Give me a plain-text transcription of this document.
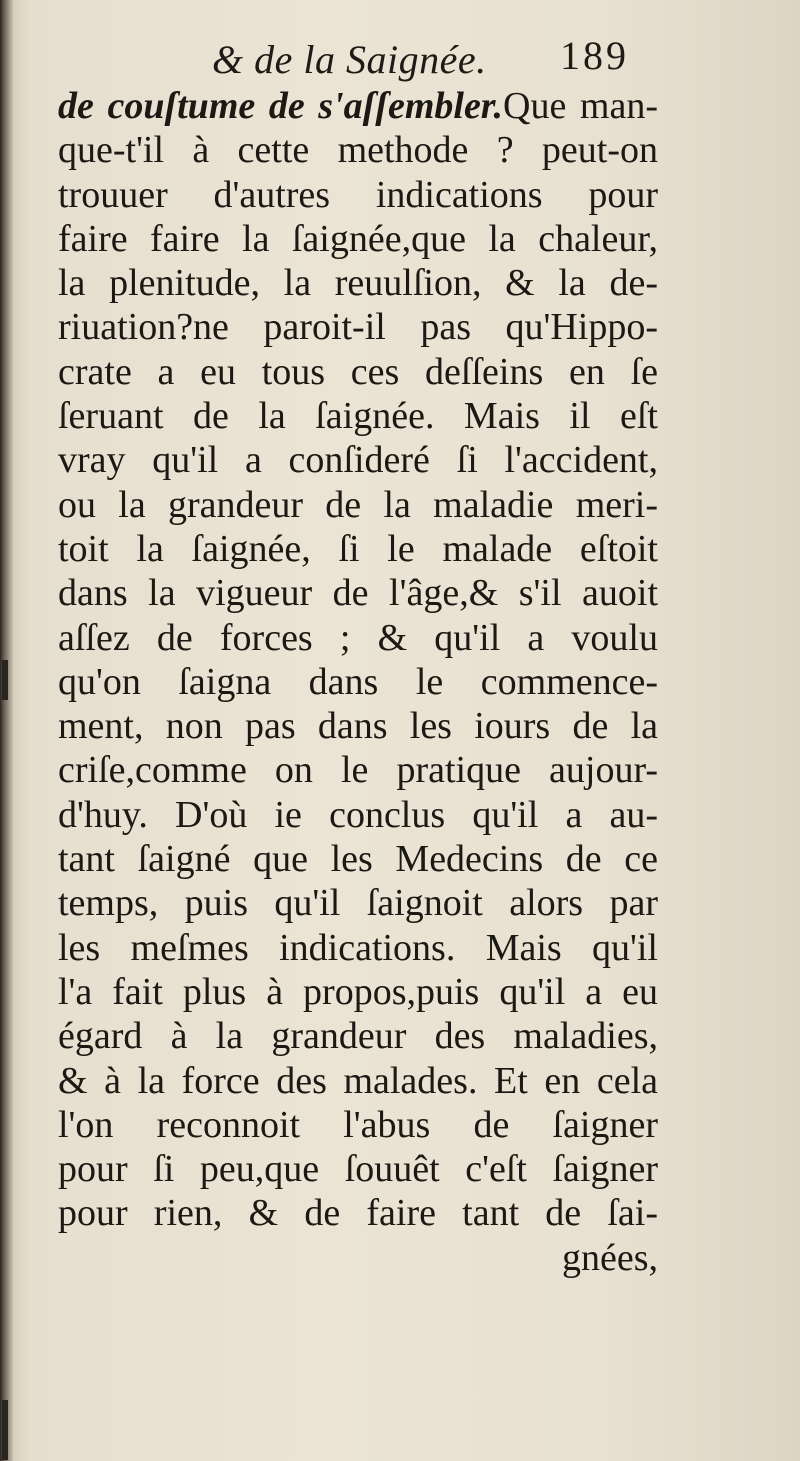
& de la Saignée. 189
de couſtume de s'aſſembler.Que man-
que-t'il à cette methode ? peut-on
trouuer d'autres indications pour
faire faire la ſaignée,que la chaleur,
la plenitude, la reuulſion, & la de-
riuation?ne paroit-il pas qu'Hippo-
crate a eu tous ces deſſeins en ſe
ſeruant de la ſaignée. Mais il eſt
vray qu'il a conſideré ſi l'accident,
ou la grandeur de la maladie meri-
toit la ſaignée, ſi le malade eſtoit
dans la vigueur de l'âge,& s'il auoit
aſſez de forces ; & qu'il a voulu
qu'on ſaigna dans le commence-
ment, non pas dans les iours de la
criſe,comme on le pratique aujour-
d'huy. D'où ie conclus qu'il a au-
tant ſaigné que les Medecins de ce
temps, puis qu'il ſaignoit alors par
les meſmes indications. Mais qu'il
l'a fait plus à propos,puis qu'il a eu
égard à la grandeur des maladies,
& à la force des malades. Et en cela
l'on reconnoit l'abus de ſaigner
pour ſi peu,que ſouuêt c'eſt ſaigner
pour rien, & de faire tant de ſai-
gnées,
